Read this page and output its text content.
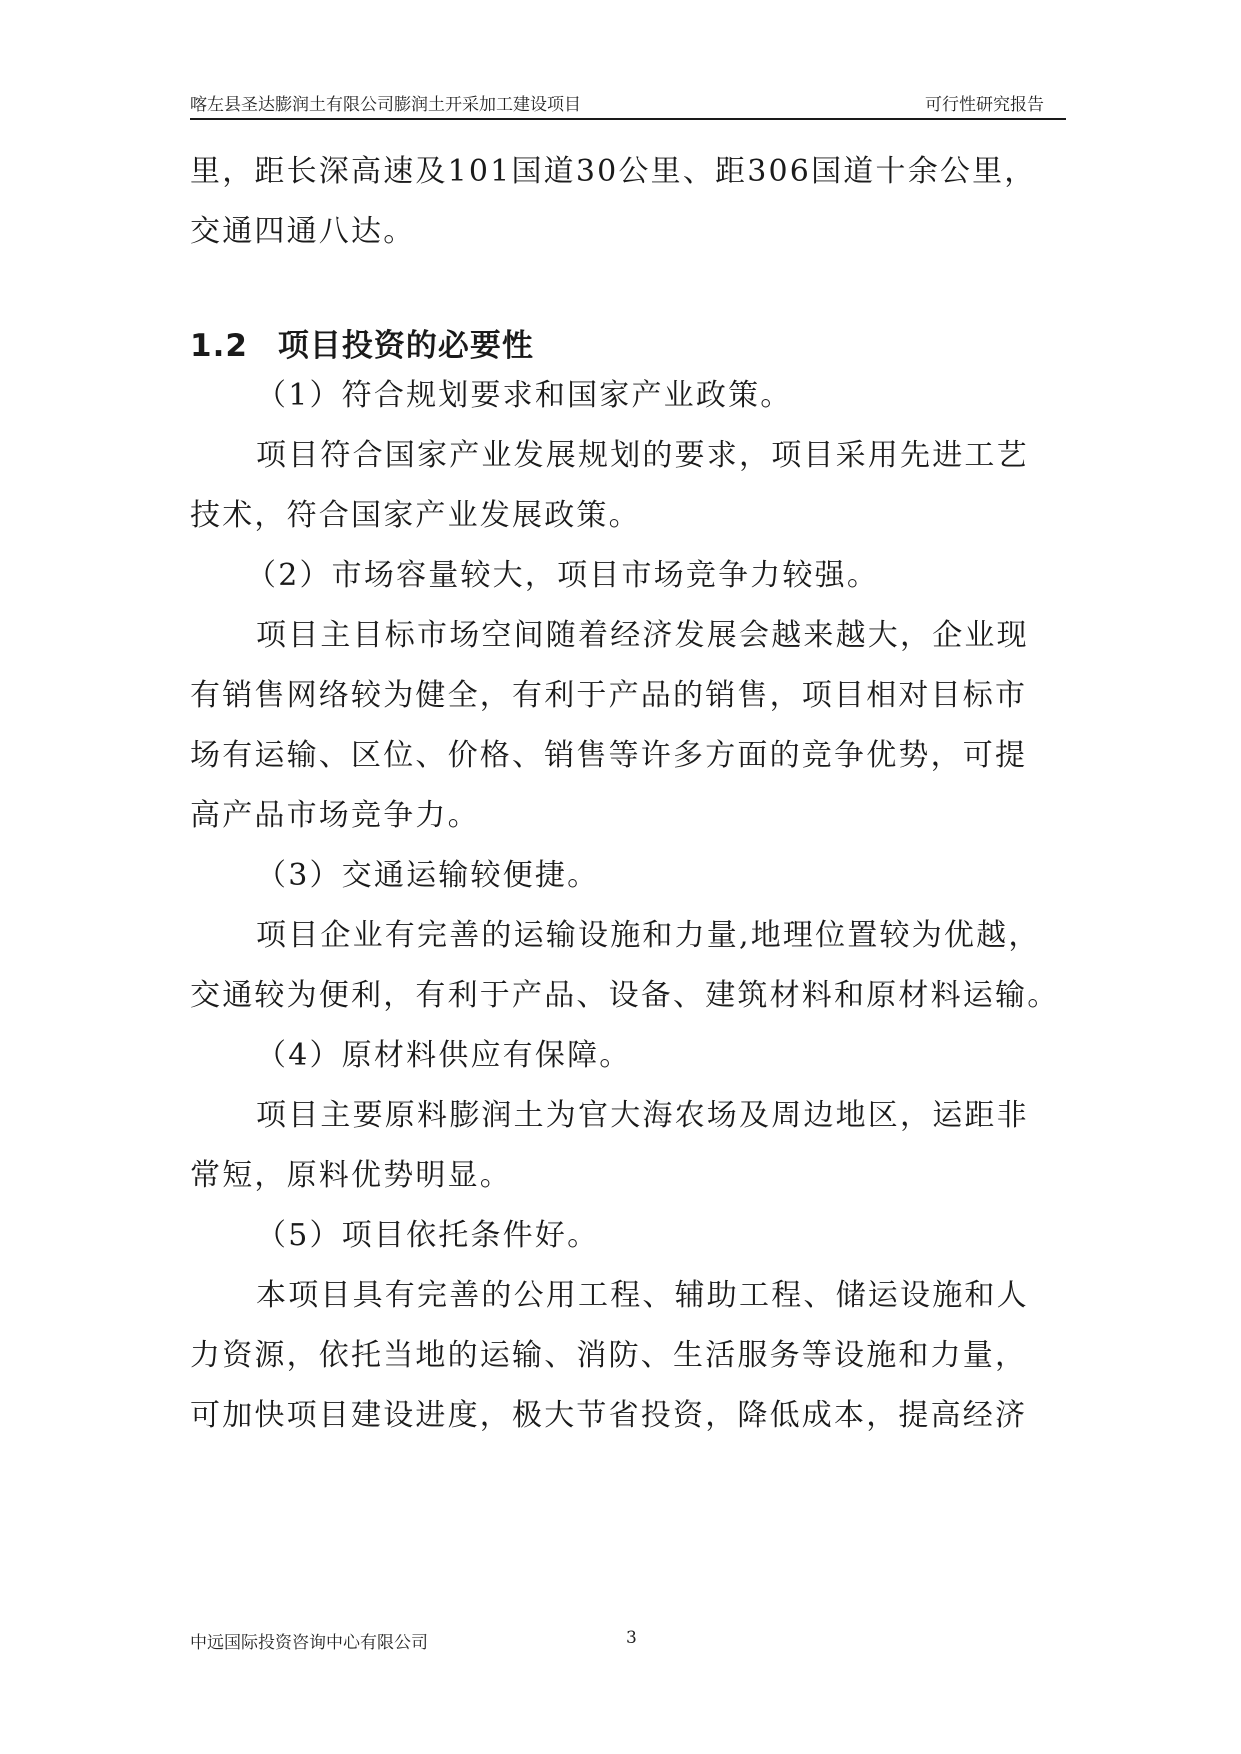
喀左县圣达膨润土有限公司膨润土开采加工建设项目	可行性研究报告
里，距长深高速及101国道30公里、距306国道十余公里，
交通四通八达。
1.2 项目投资的必要性
（1）符合规划要求和国家产业政策。
项目符合国家产业发展规划的要求，项目采用先进工艺
技术，符合国家产业发展政策。
（2）市场容量较大，项目市场竞争力较强。
项目主目标市场空间随着经济发展会越来越大，企业现
有销售网络较为健全，有利于产品的销售，项目相对目标市
场有运输、区位、价格、销售等许多方面的竞争优势，可提
高产品市场竞争力。
（3）交通运输较便捷。
项目企业有完善的运输设施和力量,地理位置较为优越，
交通较为便利，有利于产品、设备、建筑材料和原材料运输。
（4）原材料供应有保障。
项目主要原料膨润土为官大海农场及周边地区，运距非
常短，原料优势明显。
（5）项目依托条件好。
本项目具有完善的公用工程、辅助工程、储运设施和人
力资源，依托当地的运输、消防、生活服务等设施和力量，
可加快项目建设进度，极大节省投资，降低成本，提高经济
中远国际投资咨询中心有限公司	3
